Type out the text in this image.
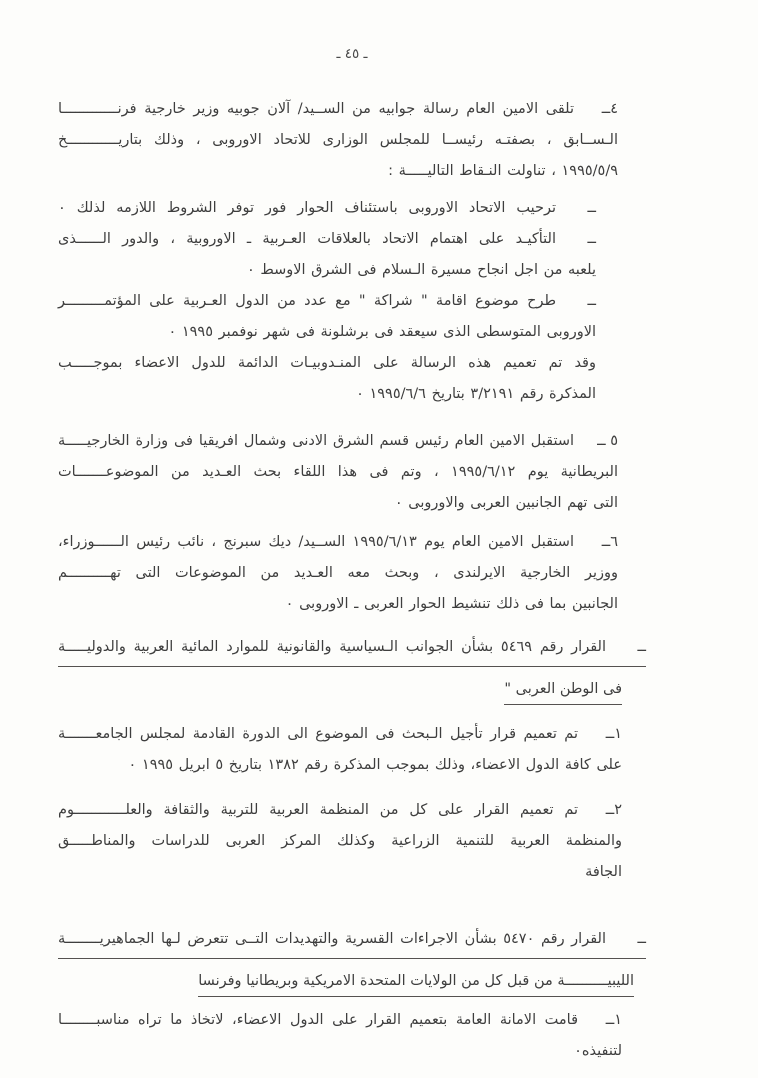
ـ ٤٥ ـ
٤ــ
تلقى الامين العام رسالة جوابيه من الســيد/ آلان جوبيه وزير خارجية فرنـــــــــــــا
الـســابق ، بصفتـه رئيســا للمجلس الوزارى للاتحاد الاوروبى ، وذلك بتاريــــــــــــخ
١٩٩٥/٥/٩ ، تناولت النـقاط التاليـــــة :
ــ
ترحيب الاتحاد الاوروبى باستئناف الحوار فور توفر الشروط اللازمه لذلك ٠
ــ
التأكيـد على اهتمام الاتحاد بالعلاقات العـربية ـ الاوروبية ، والدور الــــــذى
يلعبه من اجل انجاح مسيرة الـسلام فى الشرق الاوسط ٠
ــ
طرح موضوع اقامة " شراكة " مع عدد من الدول العـربية على المؤتمـــــــــر
الاوروبى المتوسطى الذى سيعقد فى برشلونة فى شهر نوفمبر ١٩٩٥ ٠
وقد تم تعميم هذه الرسالة على المنـدوبيـات الدائمة للدول الاعضاء بموجـــــب
المذكرة رقم ٣/٢١٩١ بتاريخ ١٩٩٥/٦/٦ ٠
٥ ــ
استقبل الامين العام رئيس قسم الشرق الادنى وشمال افريقيا فى وزارة الخارجيـــــة
البريطانية يوم ١٩٩٥/٦/١٢ ، وتم فى هذا اللقاء بحث العـديد من الموضوعـــــــات
التى تهم الجانبين العربى والاوروبى ٠
٦ــ
استقبل الامين العام يوم ١٩٩٥/٦/١٣ الســيد/ ديك سبرنج ، نائب رئيس الــــــوزراء،
ووزير الخارجية الايرلندى ، وبحث معه العـديد من الموضوعات التى تهــــــــــم
الجانبين بما فى ذلك تنشيط الحوار العربى ـ الاوروبى ٠
ــ
القرار رقم ٥٤٦٩ بشأن الجوانب الـسياسية والقانونية للموارد المائية العربية والدوليـــــة
فى الوطن العربى "
١ــ
تم تعميم قرار تأجيل الـبحث فى الموضوع الى الدورة القادمة لمجلس الجامعـــــــة
على كافة الدول الاعضاء، وذلك بموجب المذكرة رقم ١٣٨٢ بتاريخ ٥ ابريل ١٩٩٥ ٠
٢ــ
تم تعميم القرار على كل من المنظمة العربية للتربية والثقافة والعلــــــــــــوم
والمنظمة العربية للتنمية الزراعية وكذلك المركز العربى للدراسات والمناطـــــق
الجافة
ــ
القرار رقم ٥٤٧٠ بشأن الاجراءات القسرية والتهديدات التــى تتعرض لـها الجماهيريــــــــة
الليبيــــــــــة من قبل كل من الولايات المتحدة الامريكية وبريطانيا وفرنسا
١ــ
قامت الامانة العامة بتعميم القرار على الدول الاعضاء، لاتخاذ ما تراه مناسبــــــــا
لتنفيذه٠
